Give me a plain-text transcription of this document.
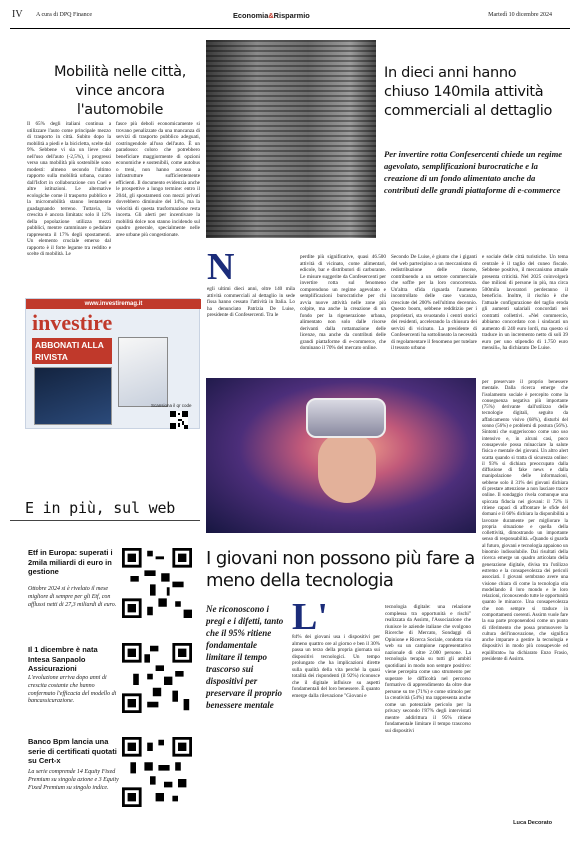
IV A cura di DPQ Finance	Economia&Risparmio	Martedì 10 dicembre 2024
Mobilità nelle città, vince ancora l'automobile

Il 65% degli italiani continua a utilizzare l'auto come principale mezzo di trasporto in città. Subito dopo la mobilità a piedi e la bicicletta, scelte dal 9%. Sebbene vi sia un lieve calo nell'uso dell'auto (-2,5%), i progressi verso una mobilità più sostenibile sono modesti: almeno secondo l'ultimo rapporto sulla mobilità urbana, curato dall'Isfort in collaborazione con Cnel e altre istituzioni. Le alternative ecologiche come il trasporto pubblico e la micromobilità stanno lentamente guadagnando terreno. Tuttavia, la crescita è ancora limitata: solo il 12% della popolazione utilizza mezzi pubblici, mentre camminare o pedalare rappresenta il 17% degli spostamenti. Un elemento cruciale emerso dal rapporto è il forte legame tra reddito e scelte di mobilità. Le

fasce più deboli economicamente si trovano penalizzate da una mancanza di servizi di trasporto pubblico adeguati, costringendole all'uso dell'auto. È un paradosso: coloro che potrebbero beneficiare maggiormente di opzioni economiche e sostenibili, come autobus o treni, non hanno accesso a infrastrutture sufficientemente efficienti. Il documento evidenzia anche le prospettive a lungo termine: entro il 2044, gli spostamenti con mezzi privati dovrebbero diminuire del 14%, ma la velocità di questa trasformazione resta incerta. Gli alerti per incentivare la mobilità dolce non stanno incidendo sul quadro generale, specialmente nelle aree urbane più congestionate.

In dieci anni hanno chiuso 140mila attività commerciali al dettaglio
Per invertire rotta Confesercenti chiede un regime agevolato, semplificazioni burocratiche e la creazione di un fondo alimentato anche da contributi delle grandi piattaforme di e-commerce
N

egli ultimi dieci anni, oltre 140 mila attività commerciali al dettaglio in sede fissa hanno cessato l'attività in Italia. Lo ha denunciato Patrizia De Luise, presidente di Confesercenti. Tra le

perdite più significative, quasi 46.500 attività di vicinato, come alimentari, edicole, bar e distributori di carburante. Le misure suggerite da Confesercenti per invertire rotta sul fenomeno comprendono un regime agevolato e semplificazioni burocratiche per chi avvia nuove attività nelle zone più colpite, ma anche la creazione di un fondo per la rigenerazione urbana, alimentato non solo dalle risorse derivanti dalla rottamazione delle licenze, ma anche da contributi delle grandi piattaforme di e-commerce, che dominano il 70% del mercato online.

Secondo De Luise, è giunto che i giganti del web partecipino a un meccanismo di redistribuzione delle risorse, contribuendo a un settore commerciale che soffre per la loro concorrenza. Un'altra sfida riguarda l'aumento incontrollato delle case vacanza, cresciute del 200% nell'ultimo decennio. Questo boom, sebbene redditizio per i proprietari, sta svuotando i centri storici dei residenti, accelerando la chiusura dei servizi di vicinato. La presidente di Confesercenti ha sottolineato la necessità di regolamentare il fenomeno per tutelare il tessuto urbano

e sociale delle città turistiche. Un tema centrale è il taglio del cuneo fiscale. Sebbene positivo, il meccanismo attuale presenta criticità. Nel 2025 coinvolgerà due milioni di persone in più, ma circa 500mila lavoratori perderanno il beneficio. Inoltre, il rischio è che l'attuale configurazione del taglio eroda gli aumenti salariali concordati nei contratti collettivi. «Nel commercio, abbiamo concordato con i sindacati un aumento di 240 euro lordi, ma questo si traduce in un incremento netto di soli 39 euro per uno stipendio di 1.750 euro mensili», ha dichiarato De Luise.

www.investiremag.it
investire
ABBONATI ALLA RIVISTA
Scansiona il qr code
E in più, sul web
Etf in Europa: superati i 2mila miliardi di euro in gestione
Ottobre 2024 si è rivelato il mese migliore di sempre per gli Etf, con afflussi netti di 27,3 miliardi di euro.
Il 1 dicembre è nata Intesa Sanpaolo Assicurazioni
L'evoluzione arriva dopo anni di crescita costante che hanno confermato l'efficacia del modello di bancassicurazione.
Banco Bpm lancia una serie di certificati quotati su Cert-x
La serie comprende 14 Equity Fixed Premium su singola azione e 3 Equity Fixed Premium su singolo indice.
I giovani non possono più fare a meno della tecnologia
Ne riconoscono i pregi e i difetti, tanto che il 95% ritiene fondamentale limitare il tempo trascorso sui dispositivi per preservare il proprio benessere mentale
L'

84% dei giovani usa i dispositivi per almeno quattro ore al giorno e ben il 30% passa un terzo della propria giornata sui dispositivi tecnologici. Un tempo prolungato che ha implicazioni dirette sulla qualità della vita perché la quasi totalità dei rispondenti (il 92%) riconosce che il digitale influisce su aspetti fondamentali del loro benessere. È quanto emerge dalla rilevazione "Giovani e

tecnologia digitale: una relazione complessa tra opportunità e rischi" realizzata da Assirm, l'Associazione che riunisce le aziende italiane che svolgono Ricerche di Mercato, Sondaggi di Opinione e Ricerca Sociale, condotta via web su un campione rappresentativo nazionale di oltre 2.000 persone. La tecnologia terapia su tutti gli ambiti quotidiani in modo non sempre positivo: viene percepita come uno strumento per superare le difficoltà nel percorso formativo di apprendimento da oltre due persone su tre (71%) e come stimolo per la creatività (54%) ma rappresenta anche come un potenziale pericolo per la privacy secondo l'87% degli intervistati mentre addirittura il 95% ritiene fondamentale limitare il tempo trascorso sui dispositivi

per preservare il proprio benessere mentale. Dalla ricerca emerge che l'isolamento sociale è percepito come la conseguenza negativa più importante (75%) derivante dall'utilizzo delle tecnologie digitali, seguito da affaticamento visivo (68%), disturbi del sonno (56%) e problemi di postura (56%). Sintomi che suggeriscono come uno uso intensivo e, in alcuni casi, poco consapevole possa minacciare la salute fisica e mentale dei giovani. Un altro alert scatta quando si tratta di sicurezza online: il 93% si dichiara preoccupato dalla diffusione di fake news e dalla manipolazione delle informazioni, sebbene solo il 31% dei giovani dichiara di prestare attenzione a non lasciare tracce online. Il sondaggio rivela comunque una spiccata fiducia nei giovani: il 72% li ritiene capaci di affrontare le sfide del domani e il 66% dichiara la disponibilità a lavorare duramente per migliorare la propria situazione e quella della collettività, dimostrando un importante senso di responsabilità. «Quando si guarda al futuro, giovani e tecnologia appaiono un binomio indissolubile. Dai risultati della ricerca emerge un quadro articolato della generazione digitale, divisa tra l'utilizzo estremo e la consapevolezza dei pericoli associati. I giovani sembrano avere una visione chiara di come la tecnologia stia modellando il loro mondo e le loro relazioni, riconoscendo tutte le opportunità quanto le minacce. Una consapevolezza che non sempre si traduce in comportamenti coerenti. Assirm vuole fare la sua parte proponendosi come un punto di riferimento che possa promuovere la cultura dell'innovazione, che significa anche imparare a gestire la tecnologia e dispositivi in modo più consapevole ed equilibrato» ha dichiarato Enzo Frasio, presidente di Assirm.

Luca Decorato
